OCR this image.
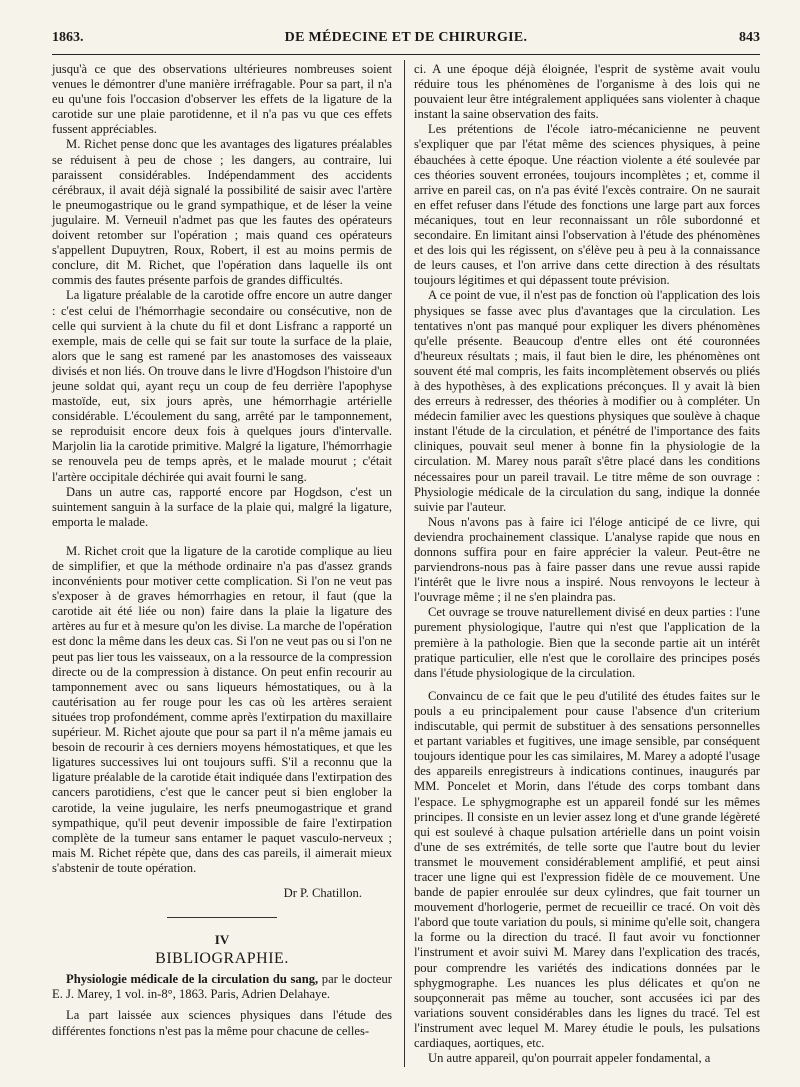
1863.	DE MÉDECINE ET DE CHIRURGIE.	843

jusqu'à ce que des observations ultérieures nombreuses soient venues le démontrer d'une manière irréfragable. Pour sa part, il n'a eu qu'une fois l'occasion d'observer les effets de la ligature de la carotide sur une plaie parotidenne, et il n'a pas vu que ces effets fussent appréciables.

M. Richet pense donc que les avantages des ligatures préalables se réduisent à peu de chose ; les dangers, au contraire, lui paraissent considérables. Indépendamment des accidents cérébraux, il avait déjà signalé la possibilité de saisir avec l'artère le pneumogastrique ou le grand sympathique, et de léser la veine jugulaire. M. Verneuil n'admet pas que les fautes des opérateurs doivent retomber sur l'opération ; mais quand ces opérateurs s'appellent Dupuytren, Roux, Robert, il est au moins permis de conclure, dit M. Richet, que l'opération dans laquelle ils ont commis des fautes présente parfois de grandes difficultés.

La ligature préalable de la carotide offre encore un autre danger : c'est celui de l'hémorrhagie secondaire ou consécutive, non de celle qui survient à la chute du fil et dont Lisfranc a rapporté un exemple, mais de celle qui se fait sur toute la surface de la plaie, alors que le sang est ramené par les anastomoses des vaisseaux divisés et non liés. On trouve dans le livre d'Hogdson l'histoire d'un jeune soldat qui, ayant reçu un coup de feu derrière l'apophyse mastoïde, eut, six jours après, une hémorrhagie artérielle considérable. L'écoulement du sang, arrêté par le tamponnement, se reproduisit encore deux fois à quelques jours d'intervalle. Marjolin lia la carotide primitive. Malgré la ligature, l'hémorrhagie se renouvela peu de temps après, et le malade mourut ; c'était l'artère occipitale déchirée qui avait fourni le sang.

Dans un autre cas, rapporté encore par Hogdson, c'est un suintement sanguin à la surface de la plaie qui, malgré la ligature, emporta le malade.

M. Richet croit que la ligature de la carotide complique au lieu de simplifier, et que la méthode ordinaire n'a pas d'assez grands inconvénients pour motiver cette complication. Si l'on ne veut pas s'exposer à de graves hémorrhagies en retour, il faut (que la carotide ait été liée ou non) faire dans la plaie la ligature des artères au fur et à mesure qu'on les divise. La marche de l'opération est donc la même dans les deux cas. Si l'on ne veut pas ou si l'on ne peut pas lier tous les vaisseaux, on a la ressource de la compression directe ou de la compression à distance. On peut enfin recourir au tamponnement avec ou sans liqueurs hémostatiques, ou à la cautérisation au fer rouge pour les cas où les artères seraient situées trop profondément, comme après l'extirpation du maxillaire supérieur. M. Richet ajoute que pour sa part il n'a même jamais eu besoin de recourir à ces derniers moyens hémostatiques, et que les ligatures successives lui ont toujours suffi. S'il a reconnu que la ligature préalable de la carotide était indiquée dans l'extirpation des cancers parotidiens, c'est que le cancer peut si bien englober la carotide, la veine jugulaire, les nerfs pneumogastrique et grand sympathique, qu'il peut devenir impossible de faire l'extirpation complète de la tumeur sans entamer le paquet vasculo-nerveux ; mais M. Richet répète que, dans des cas pareils, il aimerait mieux s'abstenir de toute opération.

Dr P. Chatillon.
IV
BIBLIOGRAPHIE.

Physiologie médicale de la circulation du sang, par le docteur E. J. Marey, 1 vol. in-8°, 1863. Paris, Adrien Delahaye.

La part laissée aux sciences physiques dans l'étude des différentes fonctions n'est pas la même pour chacune de celles-

ci. A une époque déjà éloignée, l'esprit de système avait voulu réduire tous les phénomènes de l'organisme à des lois qui ne pouvaient leur être intégralement appliquées sans violenter à chaque instant la saine observation des faits.

Les prétentions de l'école iatro-mécanicienne ne peuvent s'expliquer que par l'état même des sciences physiques, à peine ébauchées à cette époque. Une réaction violente a été soulevée par ces théories souvent erronées, toujours incomplètes ; et, comme il arrive en pareil cas, on n'a pas évité l'excès contraire. On ne saurait en effet refuser dans l'étude des fonctions une large part aux forces mécaniques, tout en leur reconnaissant un rôle subordonné et secondaire. En limitant ainsi l'observation à l'étude des phénomènes et des lois qui les régissent, on s'élève peu à peu à la connaissance de leurs causes, et l'on arrive dans cette direction à des résultats toujours légitimes et qui dépassent toute prévision.

A ce point de vue, il n'est pas de fonction où l'application des lois physiques se fasse avec plus d'avantages que la circulation. Les tentatives n'ont pas manqué pour expliquer les divers phénomènes qu'elle présente. Beaucoup d'entre elles ont été couronnées d'heureux résultats ; mais, il faut bien le dire, les phénomènes ont souvent été mal compris, les faits incomplètement observés ou pliés à des hypothèses, à des explications préconçues. Il y avait là bien des erreurs à redresser, des théories à modifier ou à compléter. Un médecin familier avec les questions physiques que soulève à chaque instant l'étude de la circulation, et pénétré de l'importance des faits cliniques, pouvait seul mener à bonne fin la physiologie de la circulation. M. Marey nous paraît s'être placé dans les conditions nécessaires pour un pareil travail. Le titre même de son ouvrage : Physiologie médicale de la circulation du sang, indique la donnée suivie par l'auteur.

Nous n'avons pas à faire ici l'éloge anticipé de ce livre, qui deviendra prochainement classique. L'analyse rapide que nous en donnons suffira pour en faire apprécier la valeur. Peut-être ne parviendrons-nous pas à faire passer dans une revue aussi rapide l'intérêt que le livre nous a inspiré. Nous renvoyons le lecteur à l'ouvrage même ; il ne s'en plaindra pas.

Cet ouvrage se trouve naturellement divisé en deux parties : l'une purement physiologique, l'autre qui n'est que l'application de la première à la pathologie. Bien que la seconde partie ait un intérêt pratique particulier, elle n'est que le corollaire des principes posés dans l'étude physiologique de la circulation.

Convaincu de ce fait que le peu d'utilité des études faites sur le pouls a eu principalement pour cause l'absence d'un criterium indiscutable, qui permit de substituer à des sensations personnelles et partant variables et fugitives, une image sensible, par conséquent toujours identique pour les cas similaires, M. Marey a adopté l'usage des appareils enregistreurs à indications continues, inaugurés par MM. Poncelet et Morin, dans l'étude des corps tombant dans l'espace. Le sphygmographe est un appareil fondé sur les mêmes principes. Il consiste en un levier assez long et d'une grande légèreté qui est soulevé à chaque pulsation artérielle dans un point voisin d'une de ses extrémités, de telle sorte que l'autre bout du levier transmet le mouvement considérablement amplifié, et peut ainsi tracer une ligne qui est l'expression fidèle de ce mouvement. Une bande de papier enroulée sur deux cylindres, que fait tourner un mouvement d'horlogerie, permet de recueillir ce tracé. On voit dès l'abord que toute variation du pouls, si minime qu'elle soit, changera la forme ou la direction du tracé. Il faut avoir vu fonctionner l'instrument et avoir suivi M. Marey dans l'explication des tracés, pour comprendre les variétés des indications données par le sphygmographe. Les nuances les plus délicates et qu'on ne soupçonnerait pas même au toucher, sont accusées ici par des variations souvent considérables dans les lignes du tracé. Tel est l'instrument avec lequel M. Marey étudie le pouls, les pulsations cardiaques, aortiques, etc.

Un autre appareil, qu'on pourrait appeler fondamental, a
